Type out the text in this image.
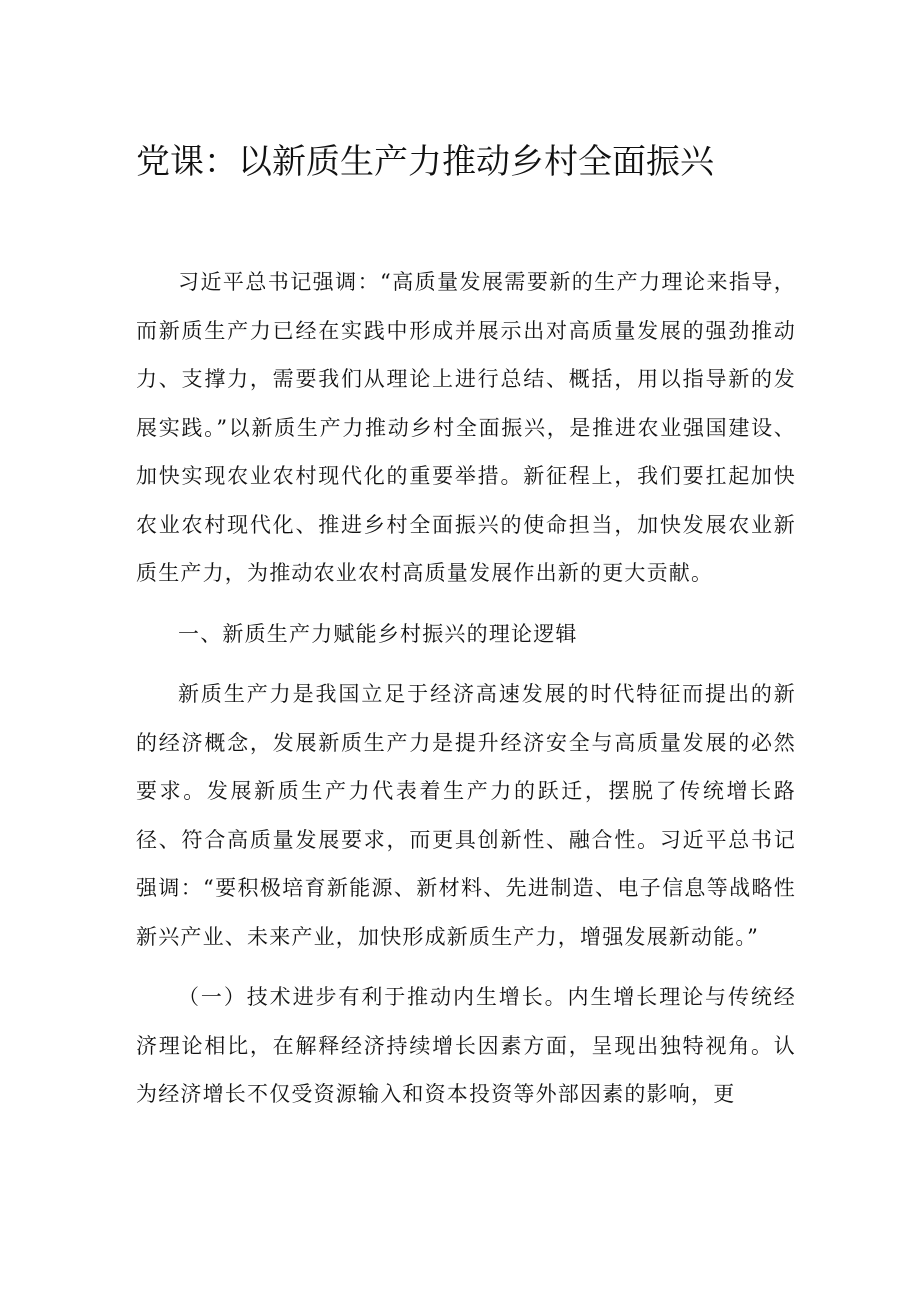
党课：以新质生产力推动乡村全面振兴

习近平总书记强调：“高质量发展需要新的生产力理论来指导，而新质生产力已经在实践中形成并展示出对高质量发展的强劲推动力、支撑力，需要我们从理论上进行总结、概括，用以指导新的发展实践。”以新质生产力推动乡村全面振兴，是推进农业强国建设、加快实现农业农村现代化的重要举措。新征程上，我们要扛起加快农业农村现代化、推进乡村全面振兴的使命担当，加快发展农业新质生产力，为推动农业农村高质量发展作出新的更大贡献。

一、新质生产力赋能乡村振兴的理论逻辑

新质生产力是我国立足于经济高速发展的时代特征而提出的新的经济概念，发展新质生产力是提升经济安全与高质量发展的必然要求。发展新质生产力代表着生产力的跃迁，摆脱了传统增长路径、符合高质量发展要求，而更具创新性、融合性。习近平总书记强调：“要积极培育新能源、新材料、先进制造、电子信息等战略性新兴产业、未来产业，加快形成新质生产力，增强发展新动能。”

（一）技术进步有利于推动内生增长。内生增长理论与传统经济理论相比，在解释经济持续增长因素方面，呈现出独特视角。认为经济增长不仅受资源输入和资本投资等外部因素的影响，更
